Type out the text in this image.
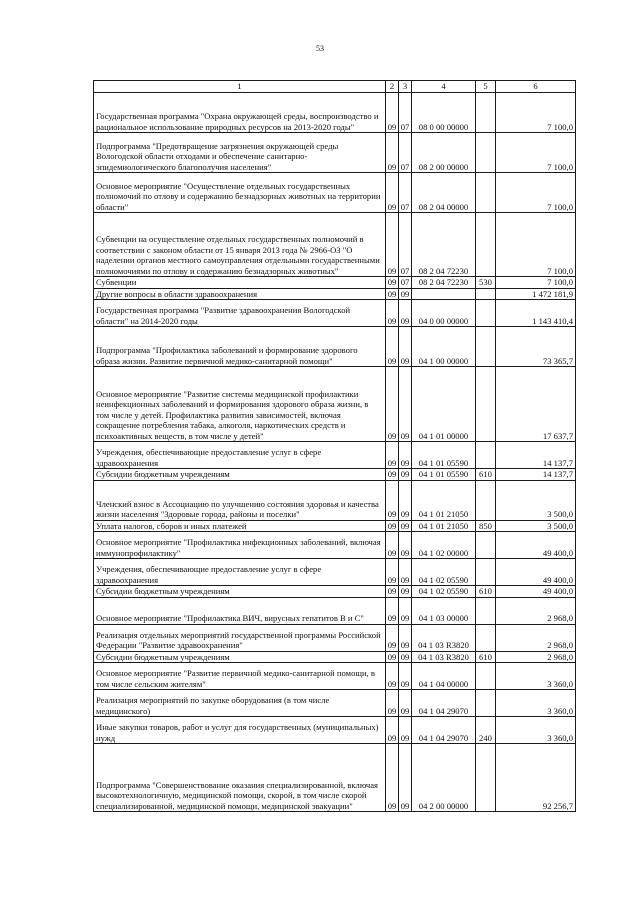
53
1	2	3	4	5	6
Государственная программа "Охрана окружающей среды, воспроизводство и рациональное использование природных ресурсов на 2013-2020 годы"	09	07	08 0 00 00000		7 100,0
Подпрограмма "Предотвращение загрязнения окружающей среды Вологодской области отходами и обеспечение санитарно-эпидемиологического благополучия населения"	09	07	08 2 00 00000		7 100,0
Основное мероприятие "Осуществление отдельных государственных полномочий по отлову и содержанию безнадзорных животных на территории области"	09	07	08 2 04 00000		7 100,0
Субвенции на осуществление отдельных государственных полномочий в соответствии с законом области от 15 января 2013 года № 2966-ОЗ "О наделении органов местного самоуправления отдельными государственными полномочиями по отлову и содержанию безнадзорных животных"	09	07	08 2 04 72230		7 100,0
Субвенции	09	07	08 2 04 72230	530	7 100,0
Другие вопросы в области здравоохранения	09	09			1 472 181,9
Государственная программа "Развитие здравоохранения Вологодской области" на 2014-2020 годы	09	09	04 0 00 00000		1 143 410,4
Подпрограмма "Профилактика заболеваний и формирование здорового образа жизни. Развитие первичной медико-санитарной помощи"	09	09	04 1 00 00000		73 365,7
Основное мероприятие "Развитие системы медицинской профилактики неинфекционных заболеваний и формирования здорового образа жизни, в том числе у детей. Профилактика развития зависимостей, включая сокращение потребления табака, алкоголя, наркотических средств и психоактивных веществ, в том числе у детей"	09	09	04 1 01 00000		17 637,7
Учреждения, обеспечивающие предоставление услуг в сфере здравоохранения	09	09	04 1 01 05590		14 137,7
Субсидии бюджетным учреждениям	09	09	04 1 01 05590	610	14 137,7
Членский взнос в Ассоциацию по улучшению состояния здоровья и качества жизни населения "Здоровые города, районы и поселки"	09	09	04 1 01 21050		3 500,0
Уплата налогов, сборов и иных платежей	09	09	04 1 01 21050	850	3 500,0
Основное мероприятие "Профилактика инфекционных заболеваний, включая иммунопрофилактику"	09	09	04 1 02 00000		49 400,0
Учреждения, обеспечивающие предоставление услуг в сфере здравоохранения	09	09	04 1 02 05590		49 400,0
Субсидии бюджетным учреждениям	09	09	04 1 02 05590	610	49 400,0
Основное мероприятие "Профилактика ВИЧ, вирусных гепатитов В и С"	09	09	04 1 03 00000		2 968,0
Реализация отдельных мероприятий государственной программы Российской Федерации "Развитие здравоохранения"	09	09	04 1 03 R3820		2 968,0
Субсидии бюджетным учреждениям	09	09	04 1 03 R3820	610	2 968,0
Основное мероприятие "Развитие первичной медико-санитарной помощи, в том числе сельским жителям"	09	09	04 1 04 00000		3 360,0
Реализация мероприятий по закупке оборудования (в том числе медицинского)	09	09	04 1 04 29070		3 360,0
Иные закупки товаров, работ и услуг для государственных (муниципальных) нужд	09	09	04 1 04 29070	240	3 360,0
Подпрограмма "Совершенствование оказания специализированной, включая высокотехнологичную, медицинской помощи, скорой, в том числе скорой специализированной, медицинской помощи, медицинской эвакуации"	09	09	04 2 00 00000		92 256,7
